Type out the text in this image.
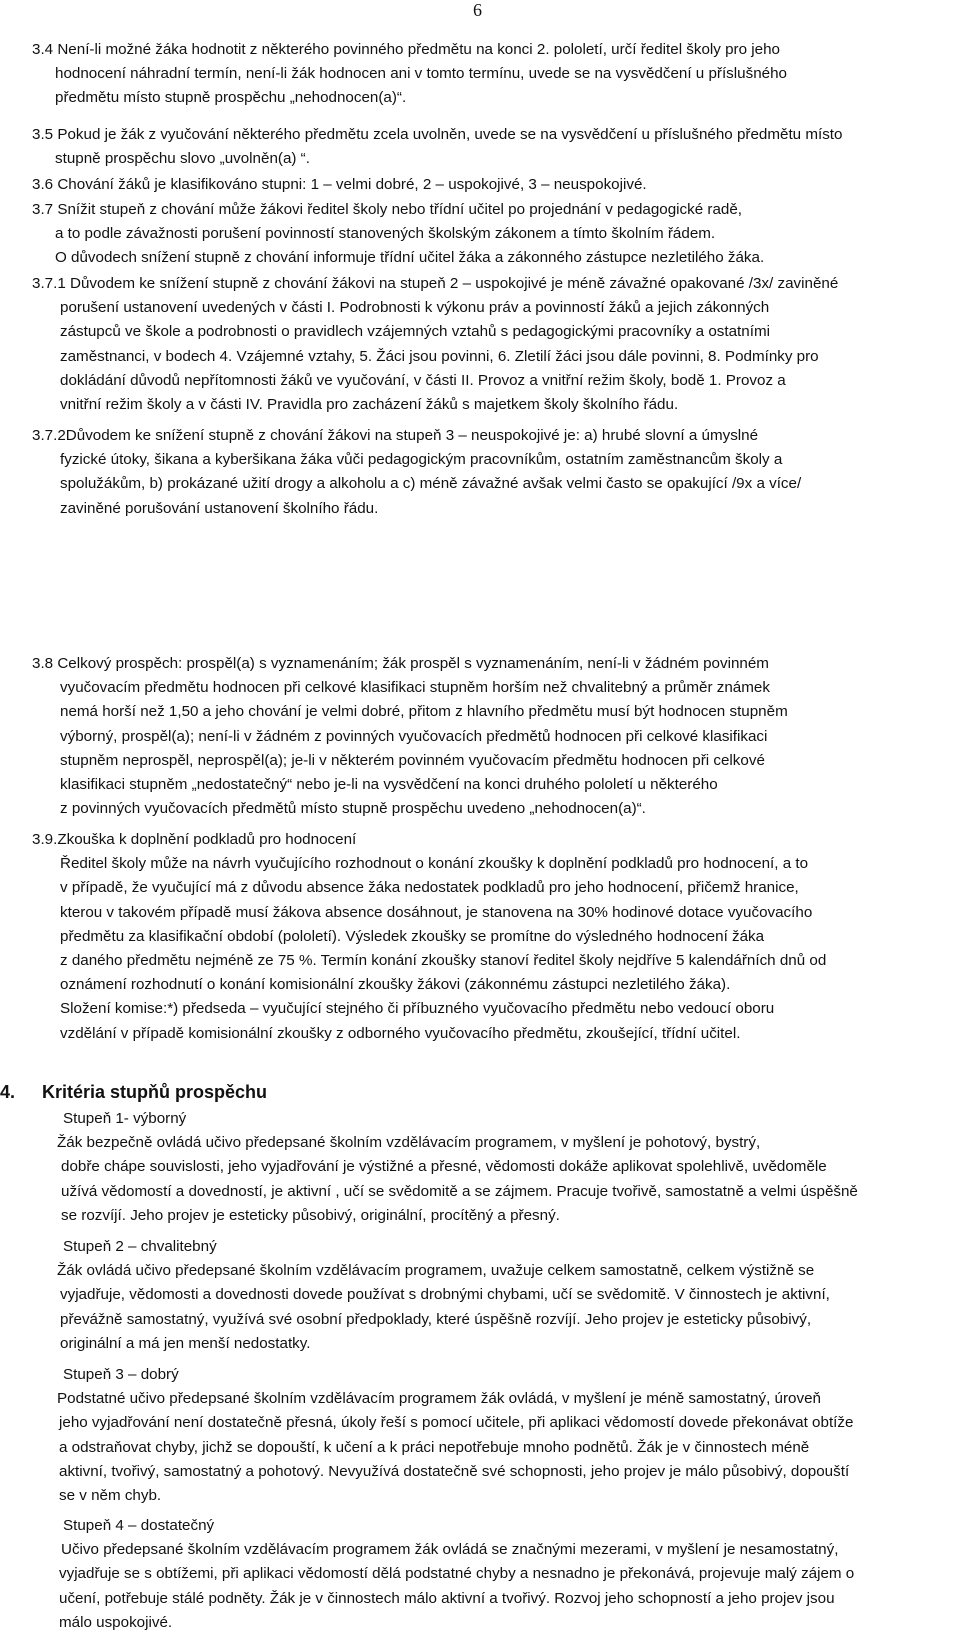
6
3.4 Není-li možné žáka hodnotit z některého povinného předmětu na konci 2. pololetí, určí ředitel školy pro jeho
hodnocení náhradní termín, není-li žák hodnocen ani v tomto termínu, uvede se na vysvědčení u příslušného
předmětu místo stupně prospěchu „nehodnocen(a)“.
3.5 Pokud je žák z vyučování některého předmětu zcela uvolněn, uvede se na vysvědčení u příslušného předmětu místo
stupně prospěchu slovo „uvolněn(a) “.
3.6 Chování žáků je klasifikováno stupni: 1 – velmi dobré, 2 – uspokojivé, 3 – neuspokojivé.
3.7 Snížit stupeň z chování může žákovi ředitel školy nebo třídní učitel po projednání v pedagogické radě,
a to podle závažnosti porušení povinností stanovených školským zákonem a tímto školním řádem.
O důvodech snížení stupně z chování informuje třídní učitel žáka a zákonného zástupce nezletilého žáka.
3.7.1 Důvodem ke snížení stupně z chování žákovi na stupeň 2 – uspokojivé je méně závažné opakované /3x/ zaviněné
porušení ustanovení uvedených v části I. Podrobnosti k výkonu práv a povinností žáků a jejich zákonných
zástupců ve škole a podrobnosti o pravidlech vzájemných vztahů s pedagogickými pracovníky a ostatními
zaměstnanci, v bodech 4. Vzájemné vztahy, 5. Žáci jsou povinni, 6. Zletilí žáci jsou dále povinni, 8. Podmínky pro
dokládání důvodů nepřítomnosti žáků ve vyučování, v části II. Provoz a vnitřní režim školy, bodě 1. Provoz a
vnitřní režim školy a v části IV. Pravidla pro zacházení žáků s majetkem školy školního řádu.
3.7.2Důvodem ke snížení stupně z chování žákovi na stupeň 3 – neuspokojivé je: a) hrubé slovní a úmyslné
fyzické útoky, šikana a kyberšikana žáka vůči pedagogickým pracovníkům, ostatním zaměstnancům školy a
spolužákům, b) prokázané užití drogy a alkoholu a c) méně závažné avšak velmi často se opakující /9x a více/
zaviněné porušování ustanovení školního řádu.
3.8 Celkový prospěch: prospěl(a) s vyznamenáním; žák prospěl s vyznamenáním, není-li v žádném povinném
vyučovacím předmětu hodnocen při celkové klasifikaci stupněm horším než chvalitebný a průměr známek
nemá horší než 1,50 a jeho chování je velmi dobré, přitom z hlavního předmětu musí být hodnocen stupněm
výborný, prospěl(a); není-li v žádném z povinných vyučovacích předmětů hodnocen při celkové klasifikaci
stupněm neprospěl, neprospěl(a); je-li v některém povinném vyučovacím předmětu hodnocen při celkové
klasifikaci stupněm „nedostatečný“ nebo je-li na vysvědčení na konci druhého pololetí u některého
z povinných vyučovacích předmětů místo stupně prospěchu uvedeno „nehodnocen(a)“.
3.9.Zkouška k doplnění podkladů pro hodnocení
Ředitel školy může na návrh vyučujícího rozhodnout o konání zkoušky k doplnění podkladů pro hodnocení, a to
v případě, že vyučující má z důvodu absence žáka nedostatek podkladů pro jeho hodnocení, přičemž hranice,
kterou v takovém případě musí žákova absence dosáhnout, je stanovena na 30% hodinové dotace vyučovacího
předmětu za klasifikační období (pololetí). Výsledek zkoušky se promítne do výsledného hodnocení žáka
z daného předmětu nejméně ze 75 %. Termín konání zkoušky stanoví ředitel školy nejdříve 5 kalendářních dnů od
oznámení rozhodnutí o konání komisionální zkoušky žákovi (zákonnému zástupci nezletilého žáka).
Složení komise:*) předseda – vyučující stejného či příbuzného vyučovacího předmětu nebo vedoucí oboru
vzdělání v případě komisionální zkoušky z odborného vyučovacího předmětu, zkoušející, třídní učitel.
4. Kritéria stupňů prospěchu
Stupeň 1- výborný
Žák bezpečně ovládá učivo předepsané školním vzdělávacím programem, v myšlení je pohotový, bystrý,
dobře chápe souvislosti, jeho vyjadřování je výstižné a přesné, vědomosti dokáže aplikovat spolehlivě, uvědoměle
užívá vědomostí a dovedností, je aktivní , učí se svědomitě a se zájmem. Pracuje tvořivě, samostatně a velmi úspěšně
se rozvíjí. Jeho projev je esteticky působivý, originální, procítěný a přesný.
Stupeň 2 – chvalitebný
Žák ovládá učivo předepsané školním vzdělávacím programem, uvažuje celkem samostatně, celkem výstižně se
vyjadřuje, vědomosti a dovednosti dovede používat s drobnými chybami, učí se svědomitě. V činnostech je aktivní,
převážně samostatný, využívá své osobní předpoklady, které úspěšně rozvíjí. Jeho projev je esteticky působivý,
originální a má jen menší nedostatky.
Stupeň 3 – dobrý
Podstatné učivo předepsané školním vzdělávacím programem žák ovládá, v myšlení je méně samostatný, úroveň
jeho vyjadřování není dostatečně přesná, úkoly řeší s pomocí učitele, při aplikaci vědomostí dovede překonávat obtíže
a odstraňovat chyby, jichž se dopouští, k učení a k práci nepotřebuje mnoho podnětů. Žák je v činnostech méně
aktivní, tvořivý, samostatný a pohotový. Nevyužívá dostatečně své schopnosti, jeho projev je málo působivý, dopouští
se v něm chyb.
Stupeň 4 – dostatečný
Učivo předepsané školním vzdělávacím programem žák ovládá se značnými mezerami, v myšlení je nesamostatný,
vyjadřuje se s obtížemi, při aplikaci vědomostí dělá podstatné chyby a nesnadno je překonává, projevuje malý zájem o
učení, potřebuje stálé podněty. Žák je v činnostech málo aktivní a tvořivý. Rozvoj jeho schopností a jeho projev jsou
málo uspokojivé.
